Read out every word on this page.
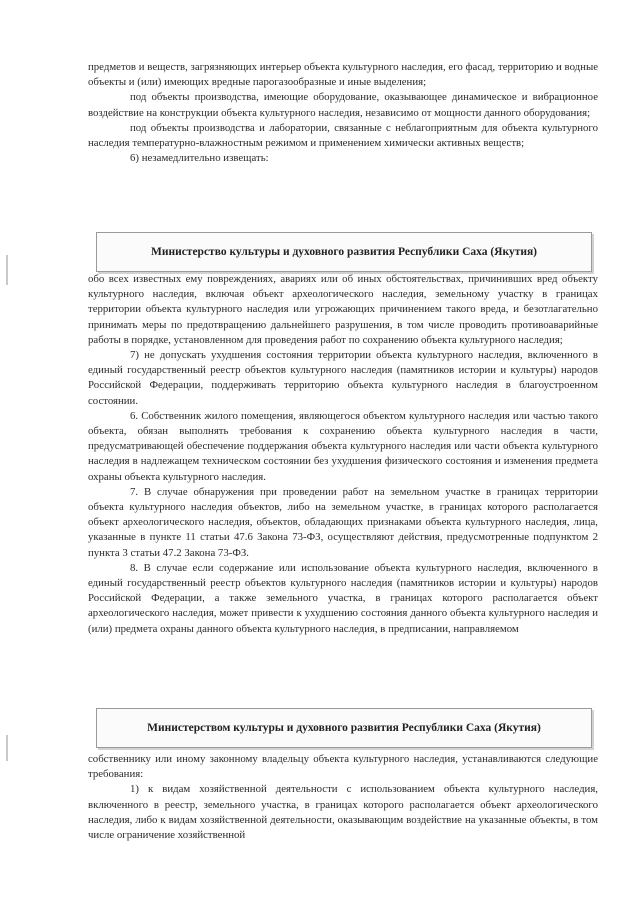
предметов и веществ, загрязняющих интерьер объекта культурного наследия, его фасад, территорию и водные объекты и (или) имеющих вредные парогазообразные и иные выделения;

под объекты производства, имеющие оборудование, оказывающее динамическое и вибрационное воздействие на конструкции объекта культурного наследия, независимо от мощности данного оборудования;

под объекты производства и лаборатории, связанные с неблагоприятным для объекта культурного наследия температурно-влажностным режимом и применением химически активных веществ;

6) незамедлительно извещать:

Министерство культуры и духовного развития Республики Саха (Якутия)

обо всех известных ему повреждениях, авариях или об иных обстоятельствах, причинивших вред объекту культурного наследия, включая объект археологического наследия, земельному участку в границах территории объекта культурного наследия или угрожающих причинением такого вреда, и безотлагательно принимать меры по предотвращению дальнейшего разрушения, в том числе проводить противоаварийные работы в порядке, установленном для проведения работ по сохранению объекта культурного наследия;

7) не допускать ухудшения состояния территории объекта культурного наследия, включенного в единый государственный реестр объектов культурного наследия (памятников истории и культуры) народов Российской Федерации, поддерживать территорию объекта культурного наследия в благоустроенном состоянии.

6. Собственник жилого помещения, являющегося объектом культурного наследия или частью такого объекта, обязан выполнять требования к сохранению объекта культурного наследия в части, предусматривающей обеспечение поддержания объекта культурного наследия или части объекта культурного наследия в надлежащем техническом состоянии без ухудшения физического состояния и изменения предмета охраны объекта культурного наследия.

7. В случае обнаружения при проведении работ на земельном участке в границах территории объекта культурного наследия объектов, либо на земельном участке, в границах которого располагается объект археологического наследия, объектов, обладающих признаками объекта культурного наследия, лица, указанные в пункте 11 статьи 47.6 Закона 73-ФЗ, осуществляют действия, предусмотренные подпунктом 2 пункта 3 статьи 47.2 Закона 73-ФЗ.

8. В случае если содержание или использование объекта культурного наследия, включенного в единый государственный реестр объектов культурного наследия (памятников истории и культуры) народов Российской Федерации, а также земельного участка, в границах которого располагается объект археологического наследия, может привести к ухудшению состояния данного объекта культурного наследия и (или) предмета охраны данного объекта культурного наследия, в предписании, направляемом

Министерством культуры и духовного развития Республики Саха (Якутия)

собственнику или иному законному владельцу объекта культурного наследия, устанавливаются следующие требования:

1) к видам хозяйственной деятельности с использованием объекта культурного наследия, включенного в реестр, земельного участка, в границах которого располагается объект археологического наследия, либо к видам хозяйственной деятельности, оказывающим воздействие на указанные объекты, в том числе ограничение хозяйственной
